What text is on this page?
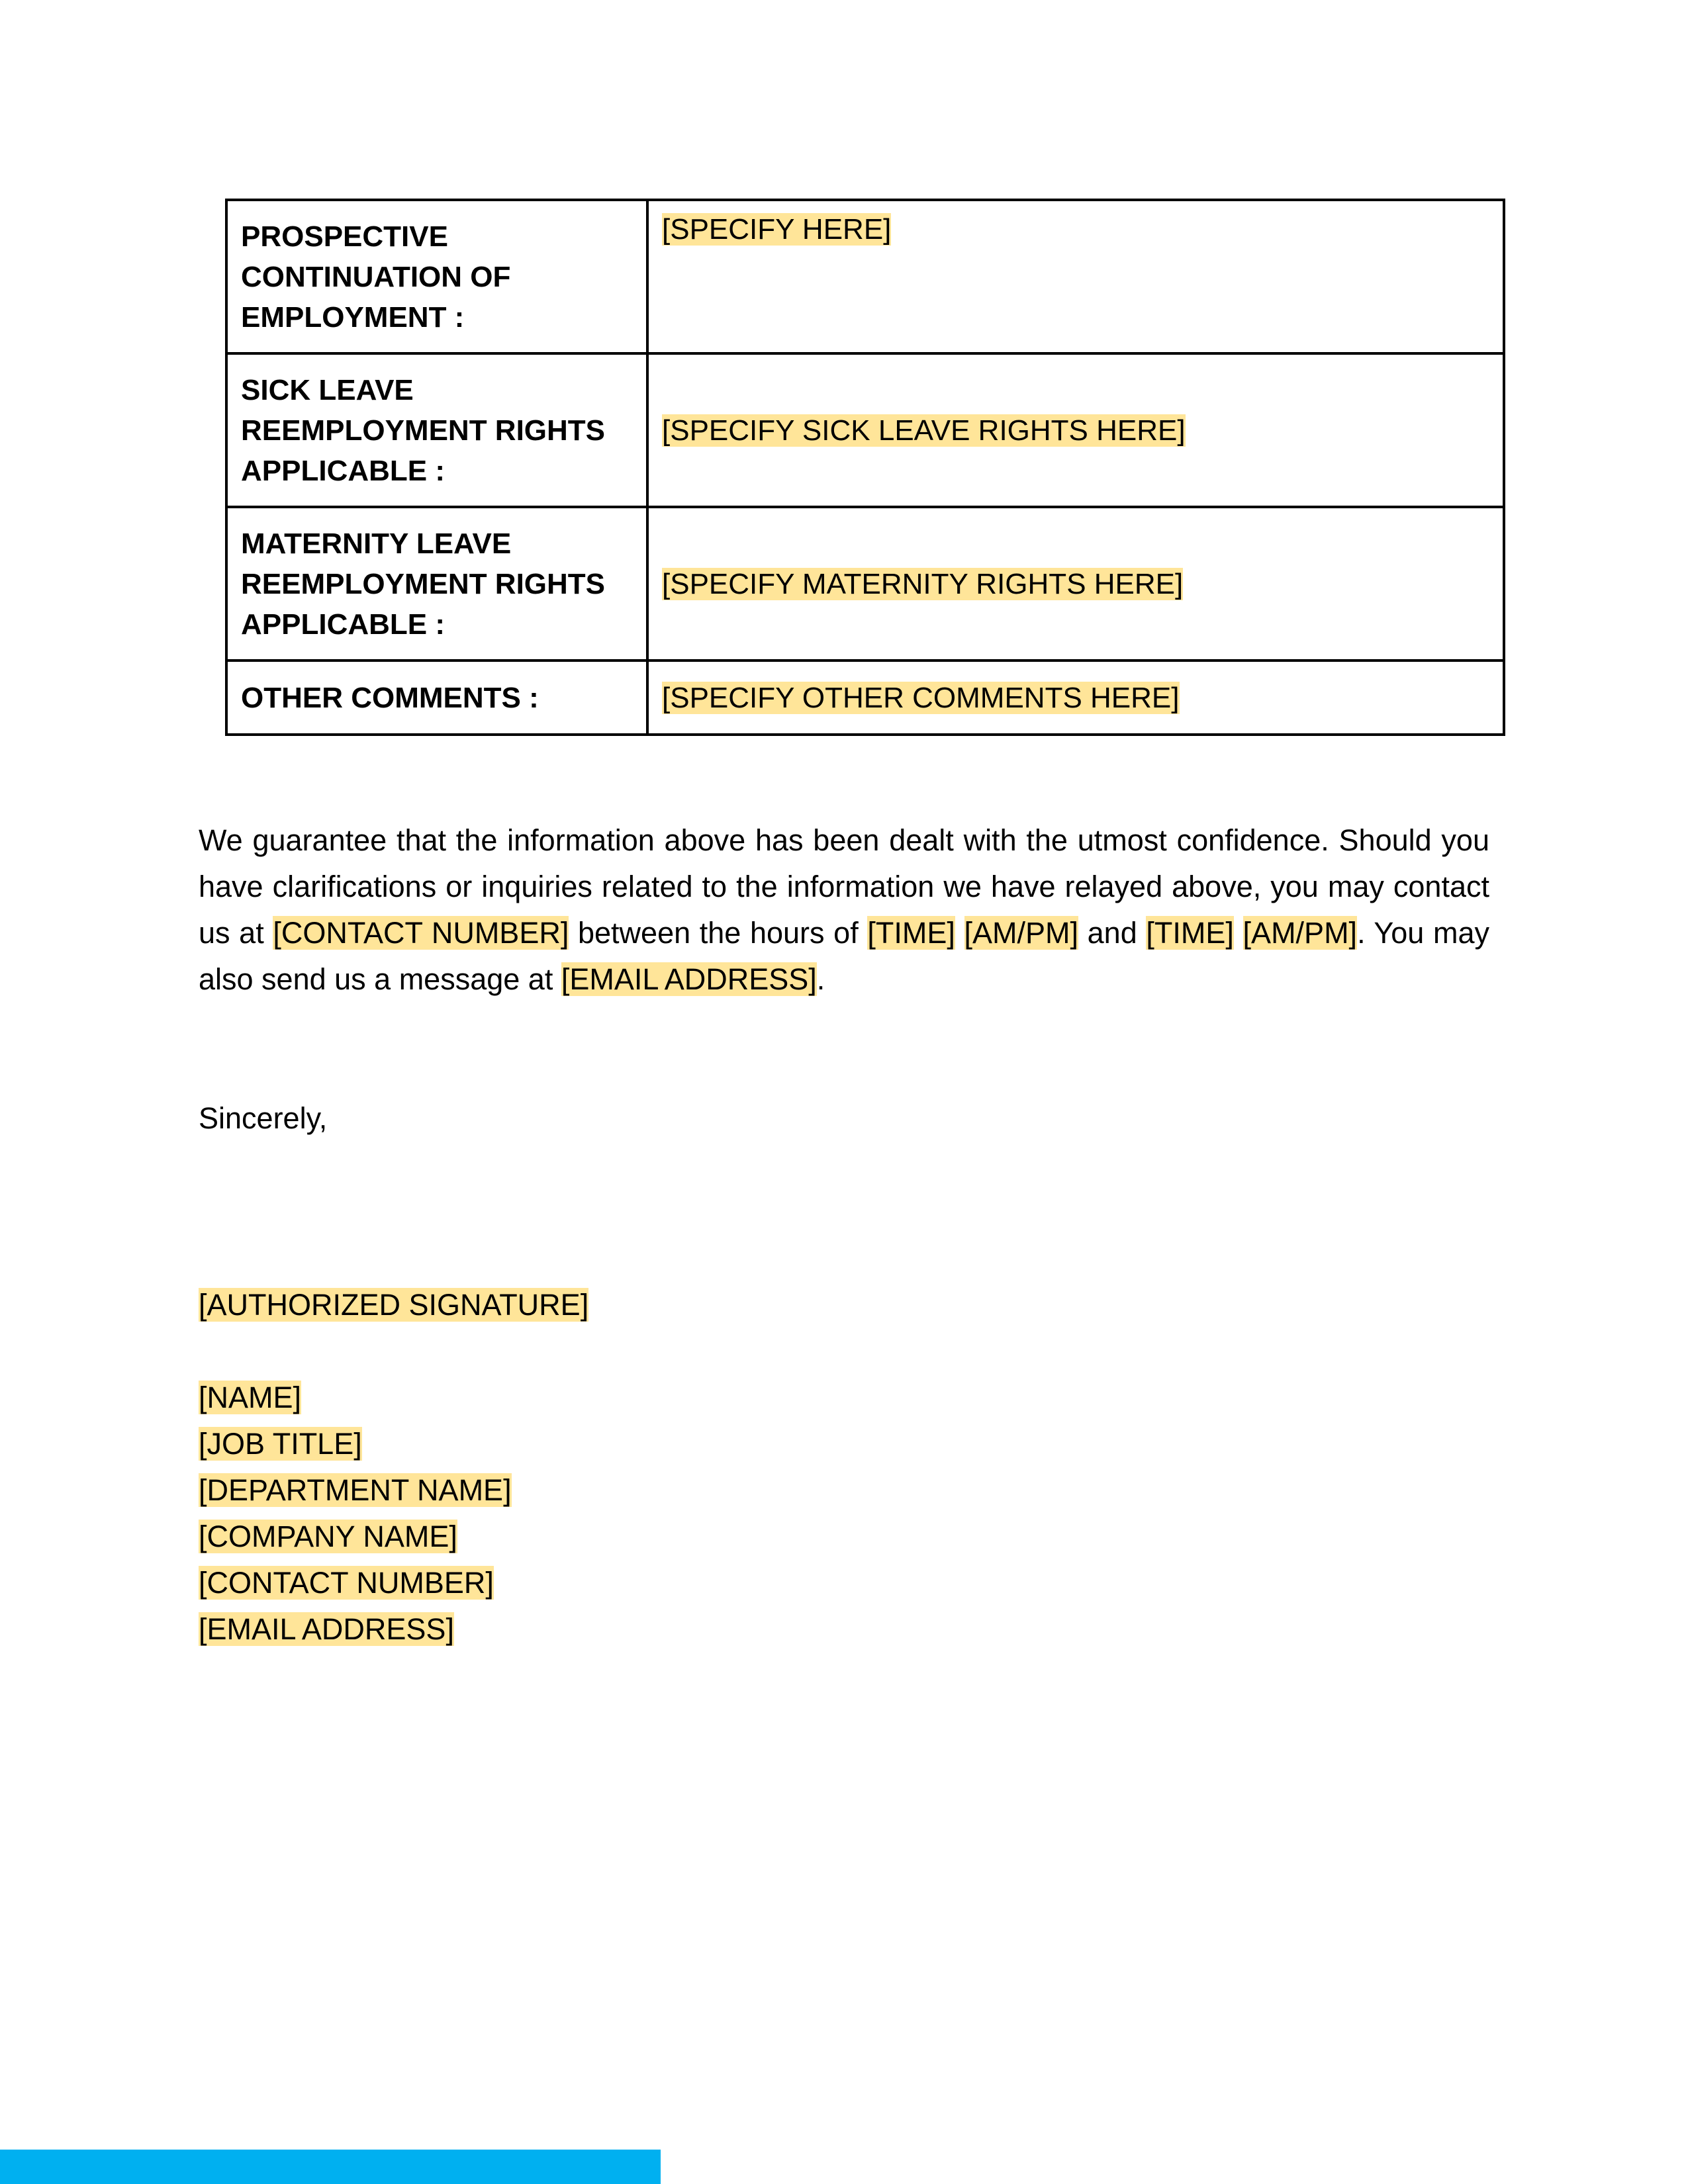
PROSPECTIVE CONTINUATION OF EMPLOYMENT :	[SPECIFY HERE]
SICK LEAVE REEMPLOYMENT RIGHTS APPLICABLE :	[SPECIFY SICK LEAVE RIGHTS HERE]
MATERNITY LEAVE REEMPLOYMENT RIGHTS APPLICABLE :	[SPECIFY MATERNITY RIGHTS HERE]
OTHER COMMENTS :	[SPECIFY OTHER COMMENTS HERE]

We guarantee that the information above has been dealt with the utmost confidence. Should you have clarifications or inquiries related to the information we have relayed above, you may contact us at [CONTACT NUMBER] between the hours of [TIME] [AM/PM] and [TIME] [AM/PM]. You may also send us a message at [EMAIL ADDRESS].

Sincerely,

[AUTHORIZED SIGNATURE]

[NAME]
[JOB TITLE]
[DEPARTMENT NAME]
[COMPANY NAME]
[CONTACT NUMBER]
[EMAIL ADDRESS]
